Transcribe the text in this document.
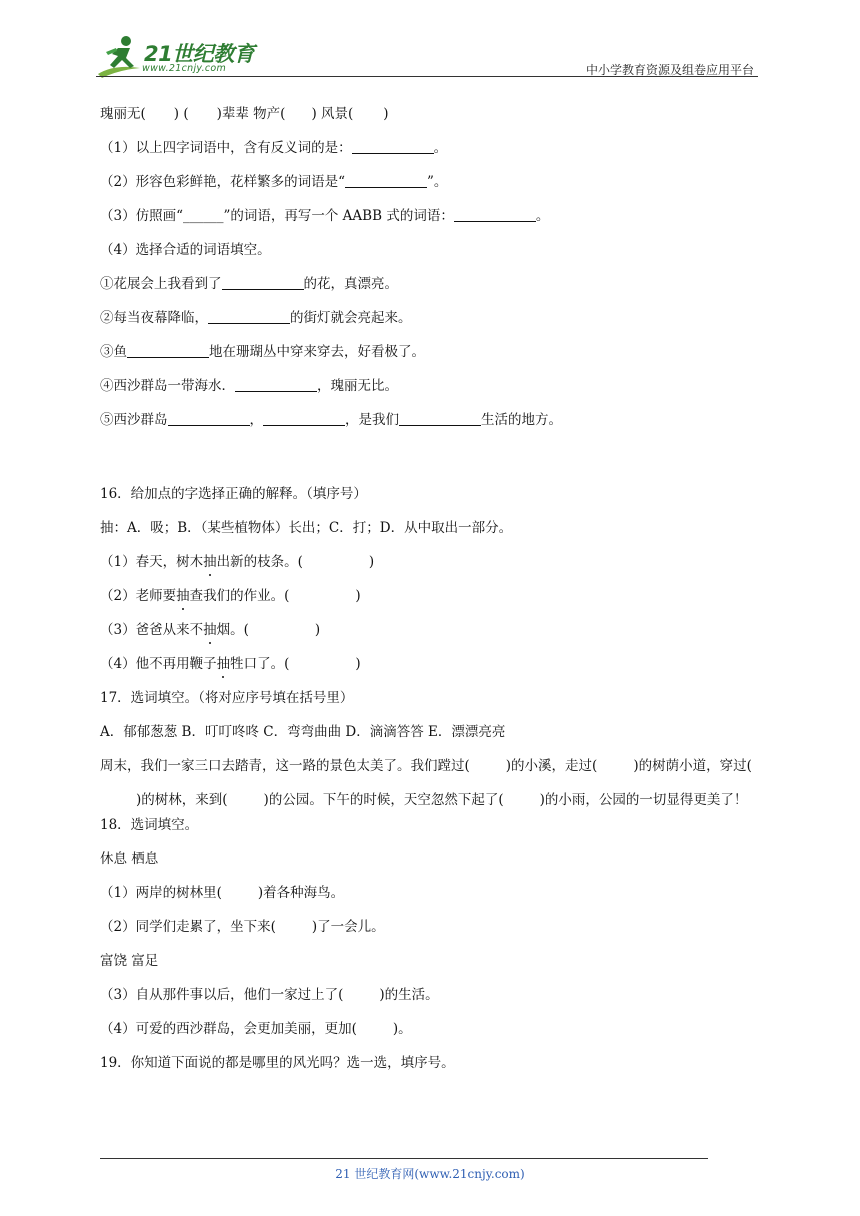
21世纪教育
www.21cnjy.com	中小学教育资源及组卷应用平台
瑰丽无( ) ( )辈辈 物产( ) 风景( )
（1）以上四字词语中，含有反义词的是：	。
（2）形容色彩鲜艳，花样繁多的词语是“	”。
（3）仿照画“______”的词语，再写一个 AABB 式的词语：	。
（4）选择合适的词语填空。
①花展会上我看到了	的花，真漂亮。
②每当夜幕降临，	的街灯就会亮起来。
③鱼	地在珊瑚丛中穿来穿去，好看极了。
④西沙群岛一带海水．	，瑰丽无比。
⑤西沙群岛	，	，是我们	生活的地方。
16．给加点的字选择正确的解释。（填序号）
抽：A．吸；B．（某些植物体）长出；C．打；D．从中取出一部分。
（1）春天，树木抽出新的枝条。(	)
（2）老师要抽查我们的作业。(	)
（3）爸爸从来不抽烟。(	)
（4）他不再用鞭子抽牲口了。(	)
17．选词填空。（将对应序号填在括号里）
A．郁郁葱葱 B．叮叮咚咚 C．弯弯曲曲 D．滴滴答答 E．漂漂亮亮
周末，我们一家三口去踏青，这一路的景色太美了。我们蹚过(	)的小溪，走过(	)的树荫小道，穿过()的树林，来到(	)的公园。下午的时候，天空忽然下起了(	)的小雨，公园的一切显得更美了！
18．选词填空。
休息 栖息
（1）两岸的树林里(	)着各种海鸟。
（2）同学们走累了，坐下来(	)了一会儿。
富饶 富足
（3）自从那件事以后，他们一家过上了(	)的生活。
（4）可爱的西沙群岛，会更加美丽，更加(	)。
19．你知道下面说的都是哪里的风光吗？选一选，填序号。
21 世纪教育网(www.21cnjy.com)
